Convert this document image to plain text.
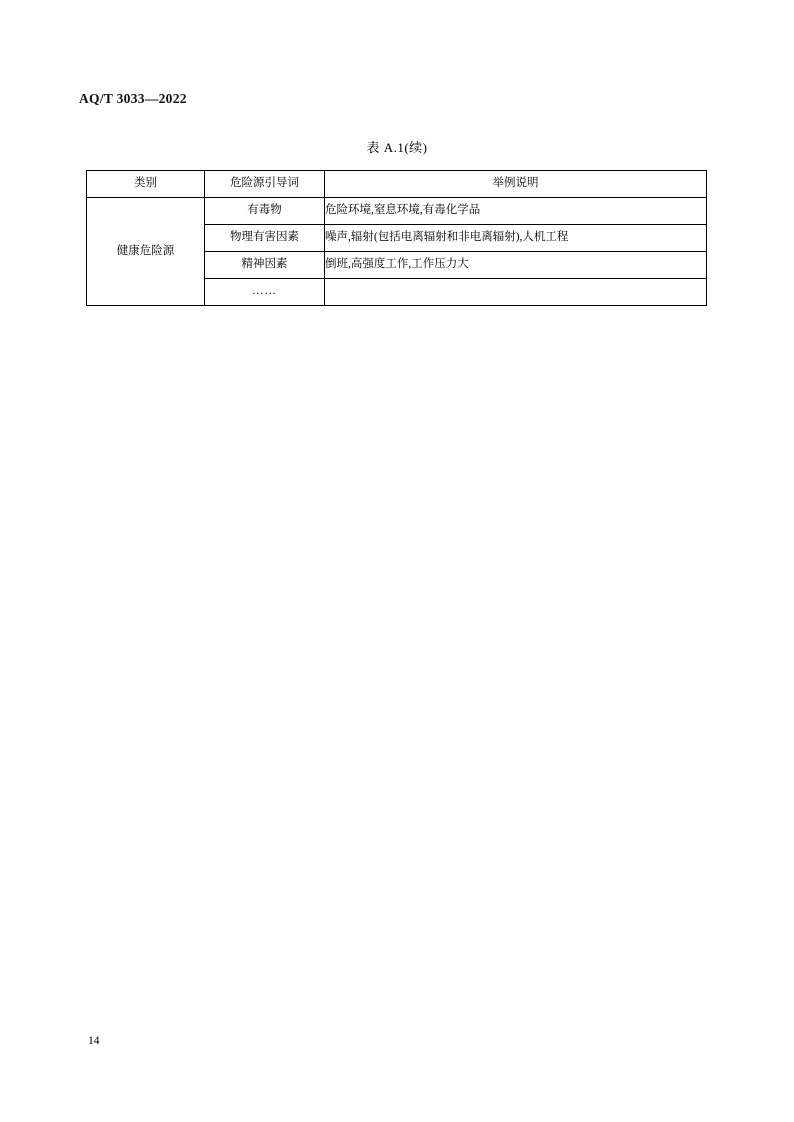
AQ/T 3033—2022
表 A.1(续)
类别	危险源引导词	举例说明
健康危险源	有毒物	危险环境,窒息环境,有毒化学品
	物理有害因素	噪声,辐射(包括电离辐射和非电离辐射),人机工程
	精神因素	倒班,高强度工作,工作压力大
	……	
14
